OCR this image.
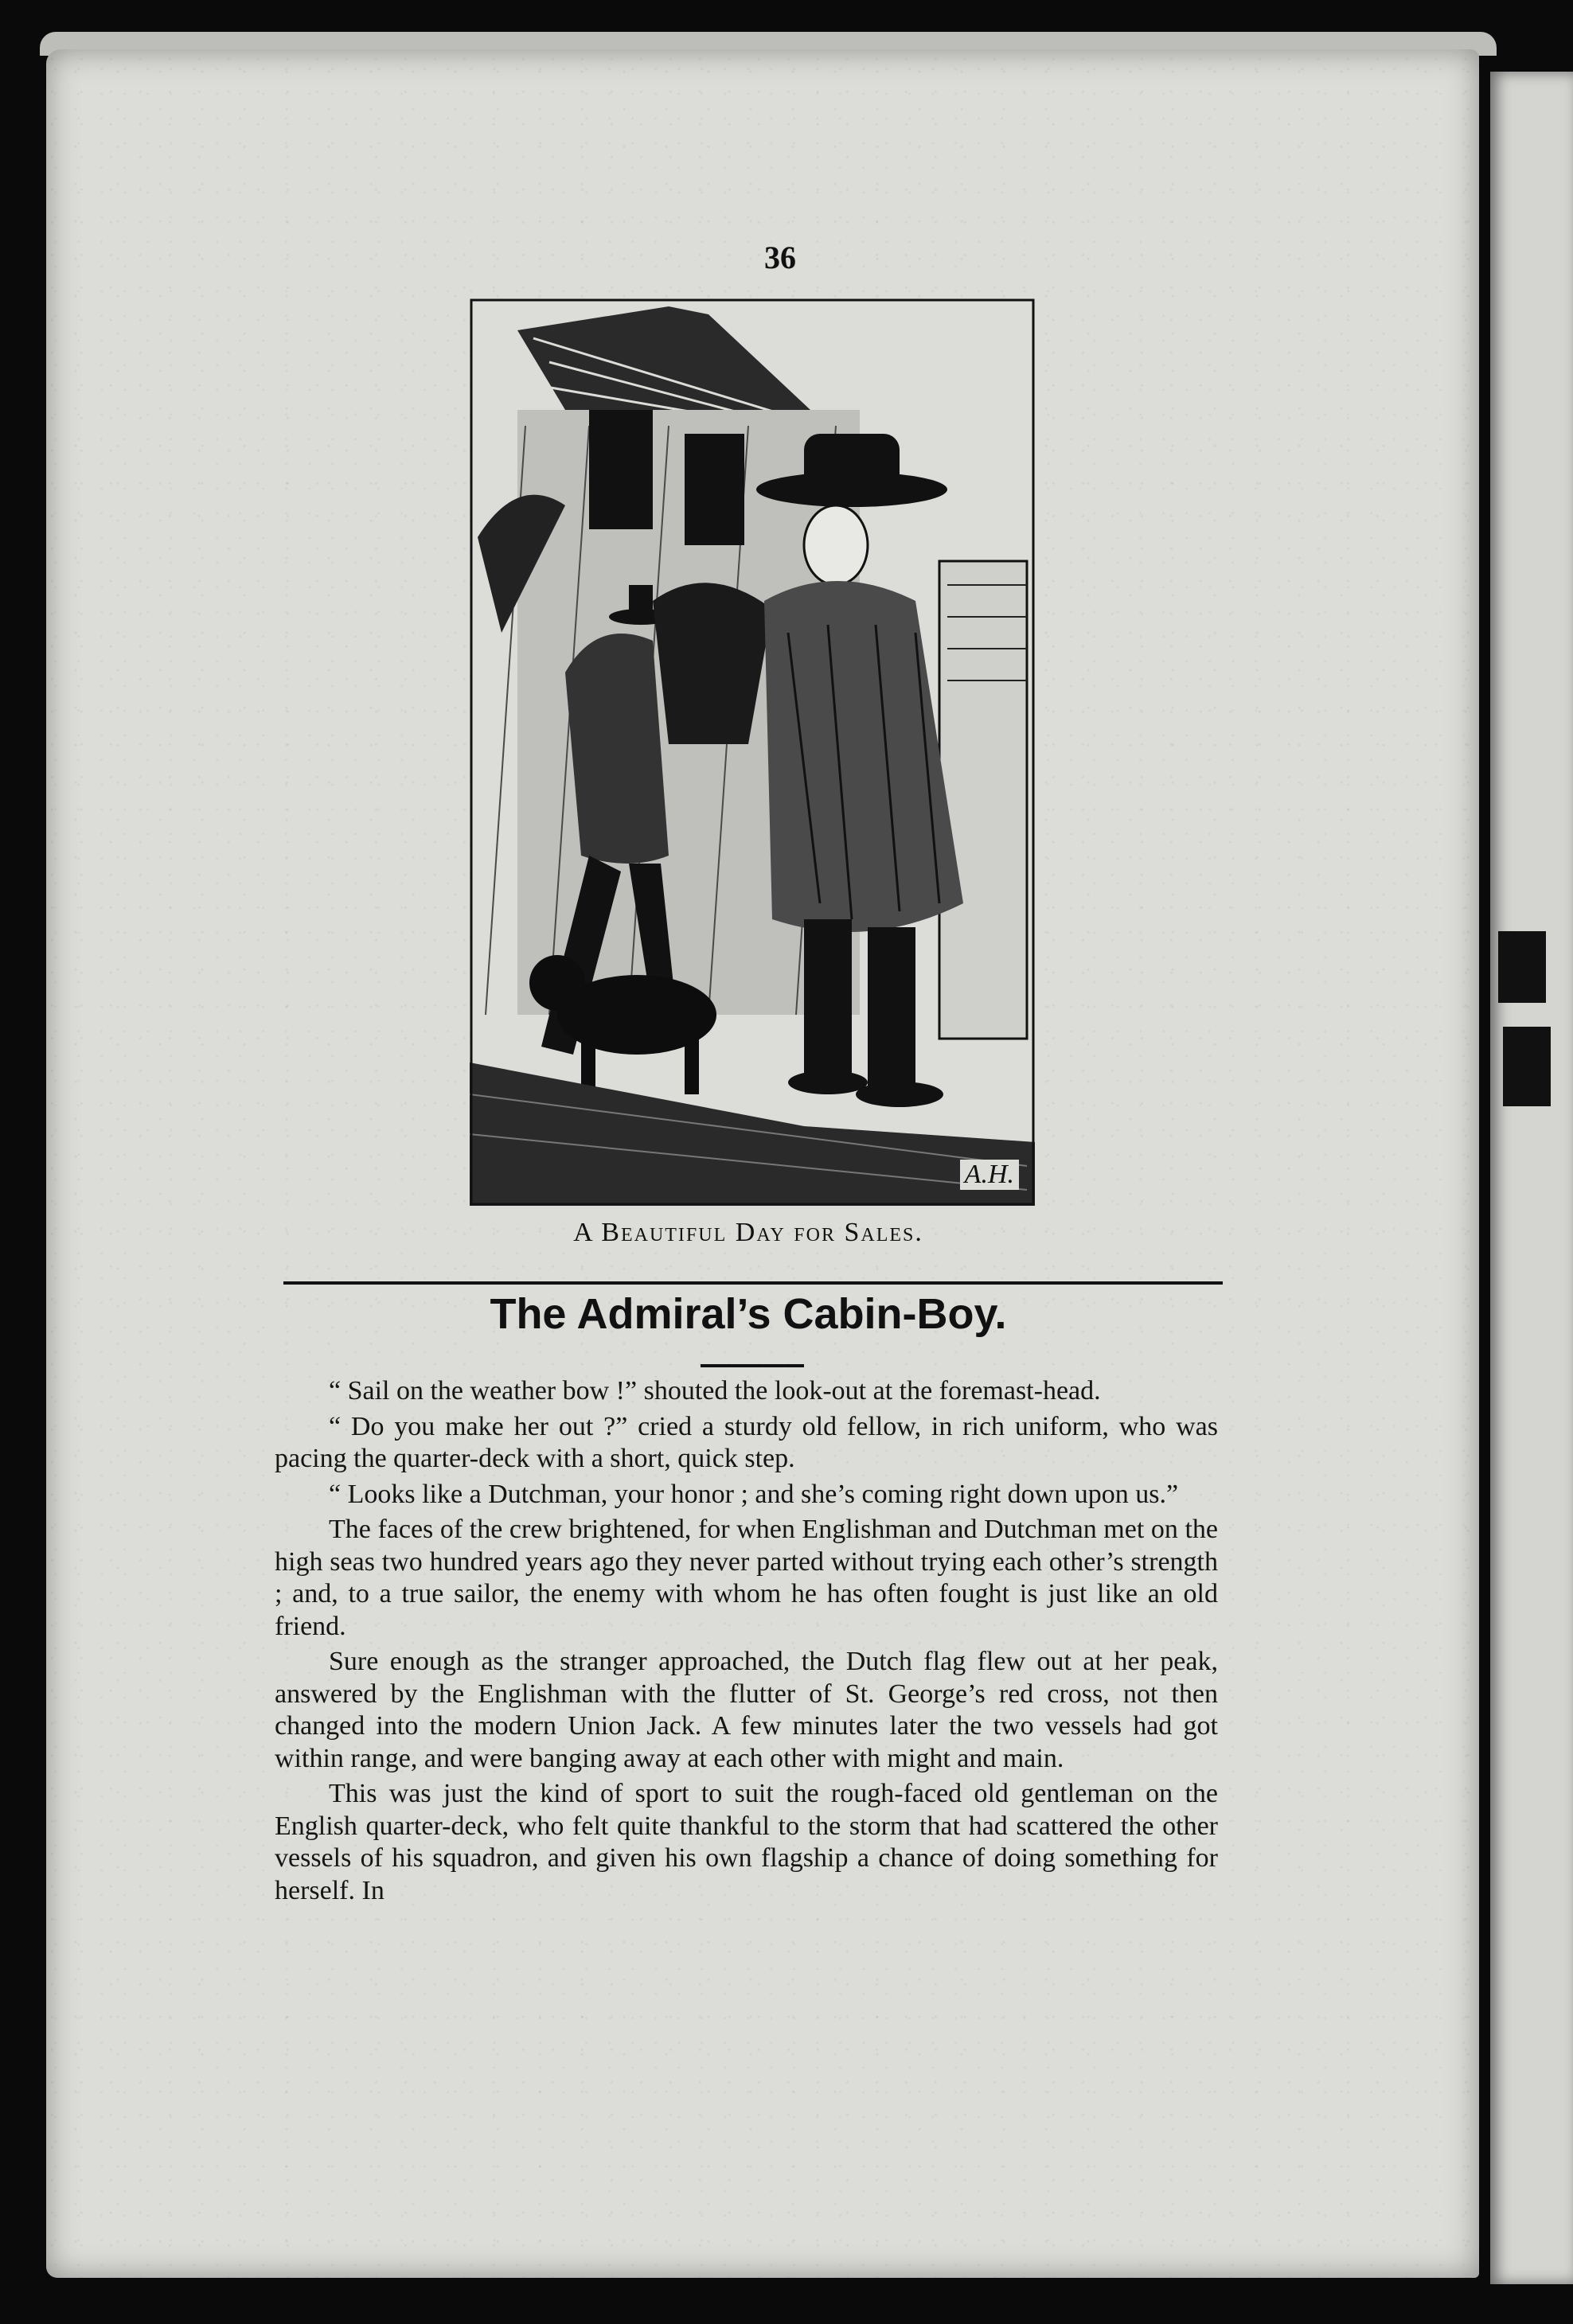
36
A.H.
A Beautiful Day for Sales.
The Admiral’s Cabin-Boy.

“ Sail on the weather bow !” shouted the look-out at the foremast-head.

“ Do you make her out ?” cried a sturdy old fellow, in rich uniform, who was pacing the quarter-deck with a short, quick step.

“ Looks like a Dutchman, your honor ; and she’s coming right down upon us.”

The faces of the crew brightened, for when Englishman and Dutchman met on the high seas two hundred years ago they never parted without trying each other’s strength ; and, to a true sailor, the enemy with whom he has often fought is just like an old friend.

Sure enough as the stranger approached, the Dutch flag flew out at her peak, answered by the Englishman with the flutter of St. George’s red cross, not then changed into the modern Union Jack. A few minutes later the two vessels had got within range, and were banging away at each other with might and main.

This was just the kind of sport to suit the rough-faced old gentleman on the English quarter-deck, who felt quite thankful to the storm that had scattered the other vessels of his squadron, and given his own flagship a chance of doing something for herself. In
